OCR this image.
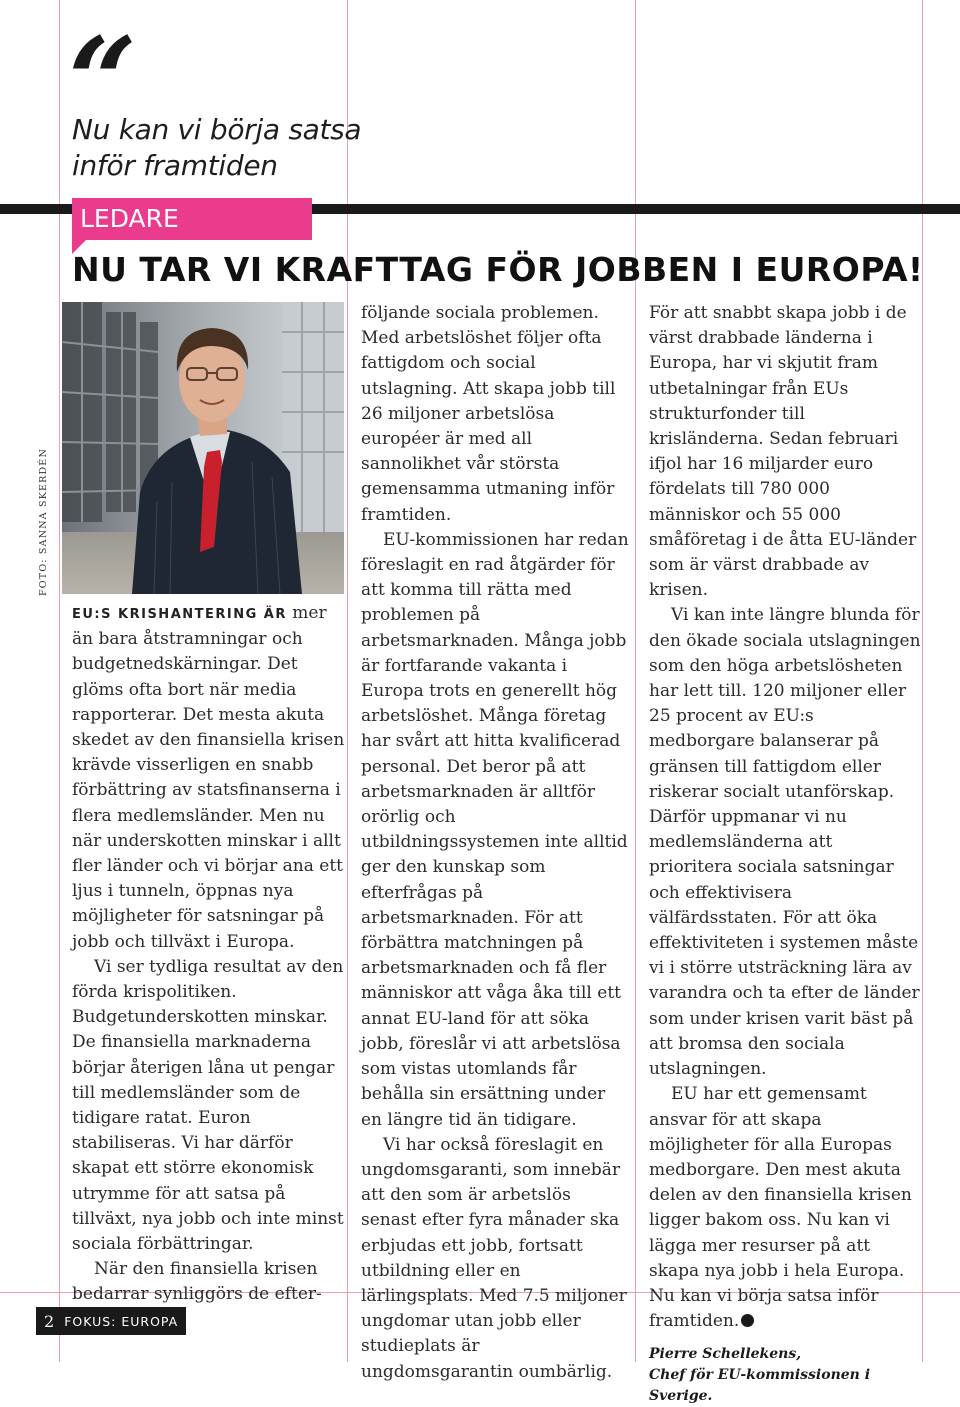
FOTO: SANNA SKERDÉN
“
Nu kan vi börja satsa
inför framtiden
LEDARE
NU TAR VI KRAFTTAG FÖR JOBBEN I EUROPA!

EU:S KRISHANTERING ÄR mer än bara åtstramningar och budgetnedskärningar. Det glöms ofta bort när media rapporterar. Det mesta akuta skedet av den finansiella krisen krävde visserligen en snabb förbättring av statsfinanserna i flera medlemsländer. Men nu när underskotten minskar i allt fler länder och vi börjar ana ett ljus i tunneln, öppnas nya möjligheter för satsningar på jobb och tillväxt i Europa.

Vi ser tydliga resultat av den förda krispolitiken. Budgetunderskotten minskar. De finansiella marknaderna börjar återigen låna ut pengar till medlemsländer som de tidigare ratat. Euron stabiliseras. Vi har därför skapat ett större ekonomisk utrymme för att satsa på tillväxt, nya jobb och inte minst sociala förbättringar.

När den finansiella krisen bedarrar synliggörs de efter-

följande sociala problemen. Med arbetslöshet följer ofta fattigdom och social utslagning. Att skapa jobb till 26 miljoner arbetslösa européer är med all sannolikhet vår största gemensamma utmaning inför framtiden.

EU-kommissionen har redan föreslagit en rad åtgärder för att komma till rätta med problemen på arbetsmarknaden. Många jobb är fortfarande vakanta i Europa trots en generellt hög arbetslöshet. Många företag har svårt att hitta kvalificerad personal. Det beror på att arbetsmarknaden är alltför orörlig och utbildningssystemen inte alltid ger den kunskap som efterfrågas på arbetsmarknaden. För att förbättra matchningen på arbetsmarknaden och få fler människor att våga åka till ett annat EU-land för att söka jobb, föreslår vi att arbetslösa som vistas utomlands får behålla sin ersättning under en längre tid än tidigare.

Vi har också föreslagit en ungdomsgaranti, som innebär att den som är arbetslös senast efter fyra månader ska erbjudas ett jobb, fortsatt utbildning eller en lärlingsplats. Med 7.5 miljoner ungdomar utan jobb eller studieplats är ungdomsgarantin oumbärlig.

För att snabbt skapa jobb i de värst drabbade länderna i Europa, har vi skjutit fram utbetalningar från EUs strukturfonder till krisländerna. Sedan februari ifjol har 16 miljarder euro fördelats till 780 000 människor och 55 000 småföretag i de åtta EU-länder som är värst drabbade av krisen.

Vi kan inte längre blunda för den ökade sociala utslagningen som den höga arbetslösheten har lett till. 120 miljoner eller 25 procent av EU:s medborgare balanserar på gränsen till fattigdom eller riskerar socialt utanförskap. Därför uppmanar vi nu medlemsländerna att prioritera sociala satsningar och effektivisera välfärdsstaten. För att öka effektiviteten i systemen måste vi i större utsträckning lära av varandra och ta efter de länder som under krisen varit bäst på att bromsa den sociala utslagningen.

EU har ett gemensamt ansvar för att skapa möjligheter för alla Europas medborgare. Den mest akuta delen av den finansiella krisen ligger bakom oss. Nu kan vi lägga mer resurser på att skapa nya jobb i hela Europa. Nu kan vi börja satsa inför framtiden.

Pierre Schellekens,
Chef för EU-kommissionen i Sverige.
2 FOKUS: EUROPA
